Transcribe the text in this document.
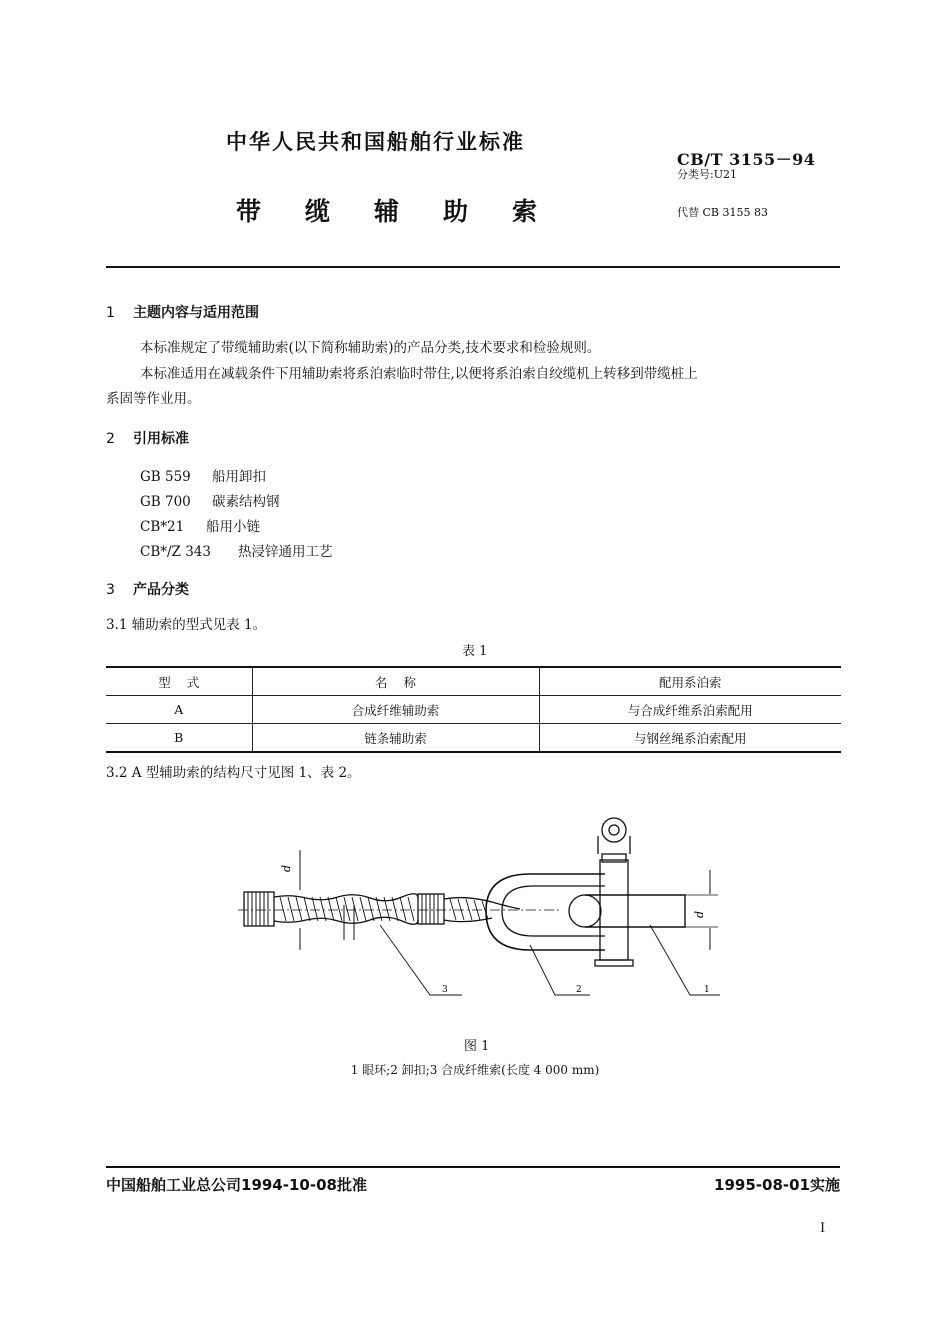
中华人民共和国船舶行业标准
CB/T 3155－94
分类号:U21
带缆辅助索	代替 CB 3155 83
1 主题内容与适用范围
本标准规定了带缆辅助索(以下简称辅助索)的产品分类,技术要求和检验规则。
本标准适用在减载条件下用辅助索将系泊索临时带住,以便将系泊索自绞缆机上转移到带缆桩上
系固等作业用。
2 引用标准
GB 559 船用卸扣
GB 700 碳素结构钢
CB*21 船用小链
CB*/Z 343 热浸锌通用工艺
3 产品分类
3.1 辅助索的型式见表 1。
表 1
型    式	名    称	配用系泊索
A	合成纤维辅助索	与合成纤维系泊索配用
B	链条辅助索	与钢丝绳系泊索配用
3.2 A 型辅助索的结构尺寸见图 1、表 2。
d
d
3	2	1
图 1
1 眼环;2 卸扣;3 合成纤维索(长度 4 000 mm)
中国船舶工业总公司1994-10-08批准	1995-08-01实施
I
